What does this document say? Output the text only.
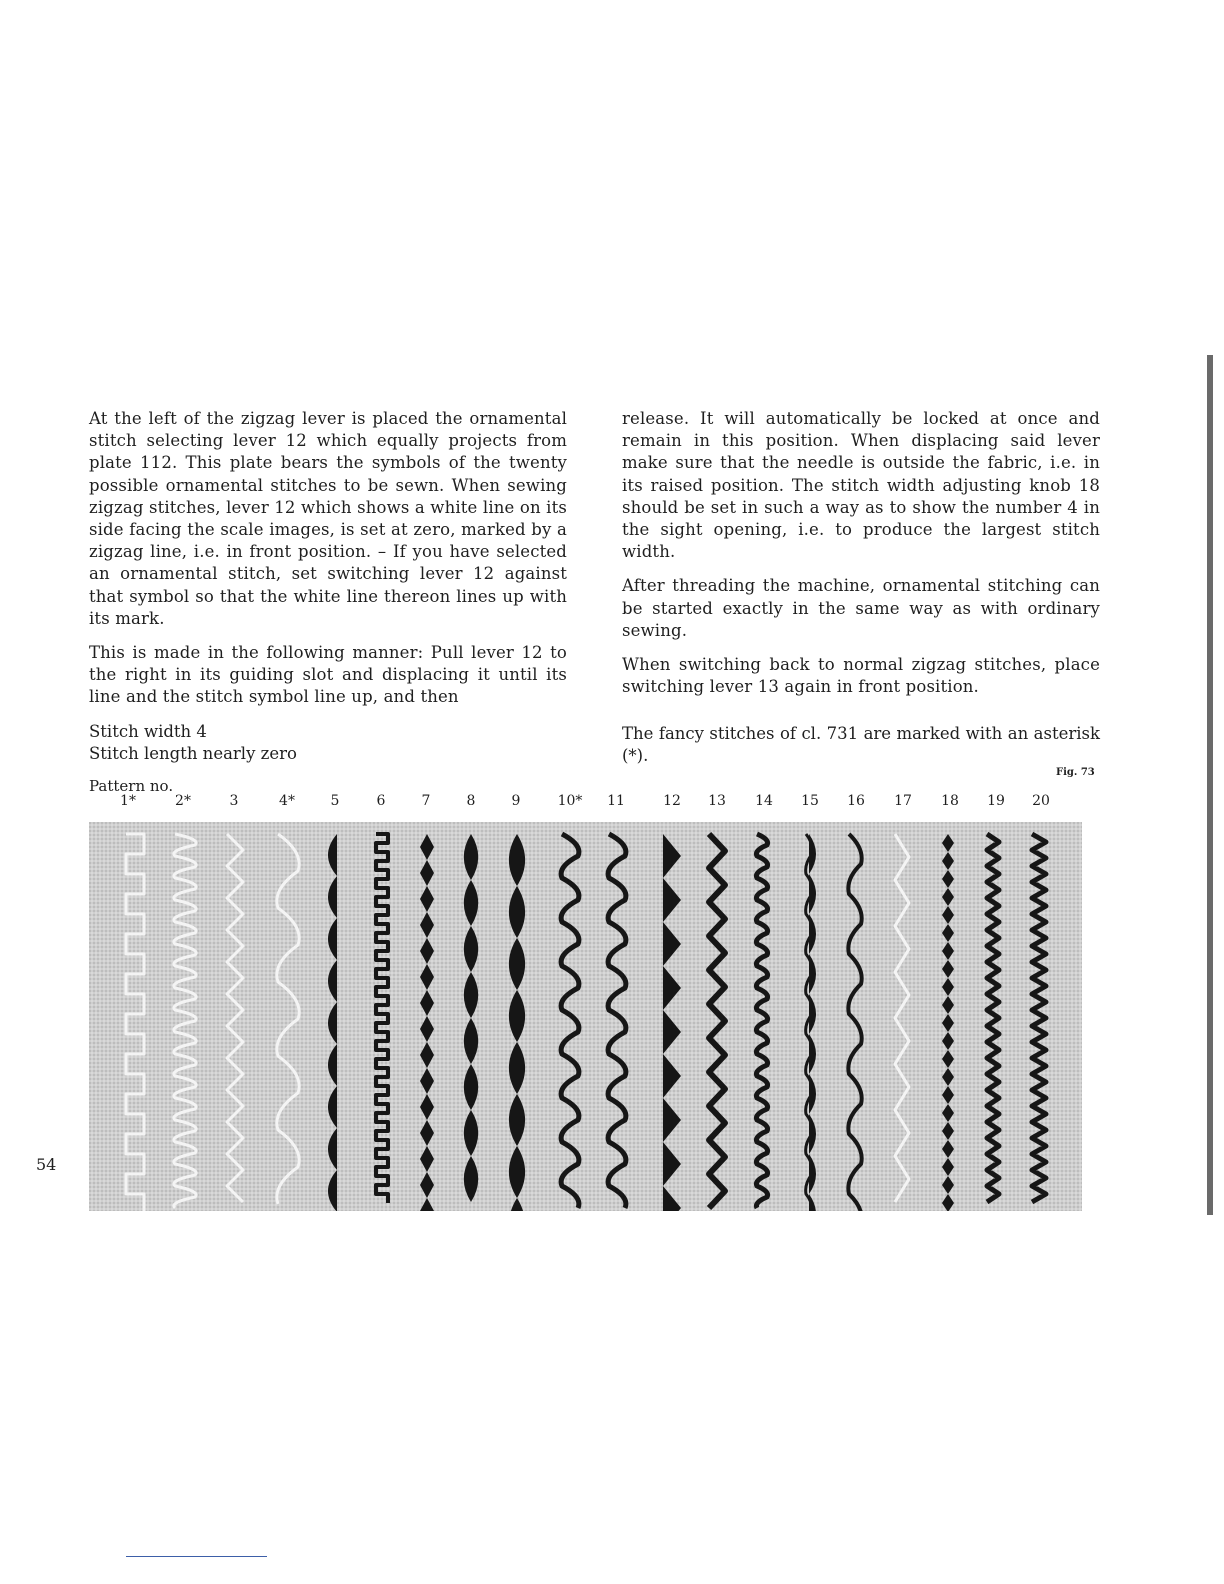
At the left of the zigzag lever is placed the ornamental stitch selecting lever 12 which equally projects from plate 112. This plate bears the symbols of the twenty possible ornamental stitches to be sewn. When sewing zigzag stitches, lever 12 which shows a white line on its side facing the scale images, is set at zero, marked by a zigzag line, i.e. in front position. – If you have selected an ornamental stitch, set switching lever 12 against that symbol so that the white line thereon lines up with its mark.

This is made in the following manner: Pull lever 12 to the right in its guiding slot and displacing it until its line and the stitch symbol line up, and then

release. It will automatically be locked at once and remain in this position. When displacing said lever make sure that the needle is outside the fabric, i.e. in its raised position. The stitch width adjusting knob 18 should be set in such a way as to show the number 4 in the sight opening, i.e. to produce the largest stitch width.

After threading the machine, ornamental stitching can be started exactly in the same way as with ordinary sewing.

When switching back to normal zigzag stitches, place switching lever 13 again in front position.

Stitch width 4
Stitch length nearly zero
The fancy stitches of cl. 731 are marked with an asterisk (*).
Pattern no.
Fig. 73
1*	2*	3	4*	5	6	7	8	9	10* 11	12 13 14 15 16 17 18 19 20
54
